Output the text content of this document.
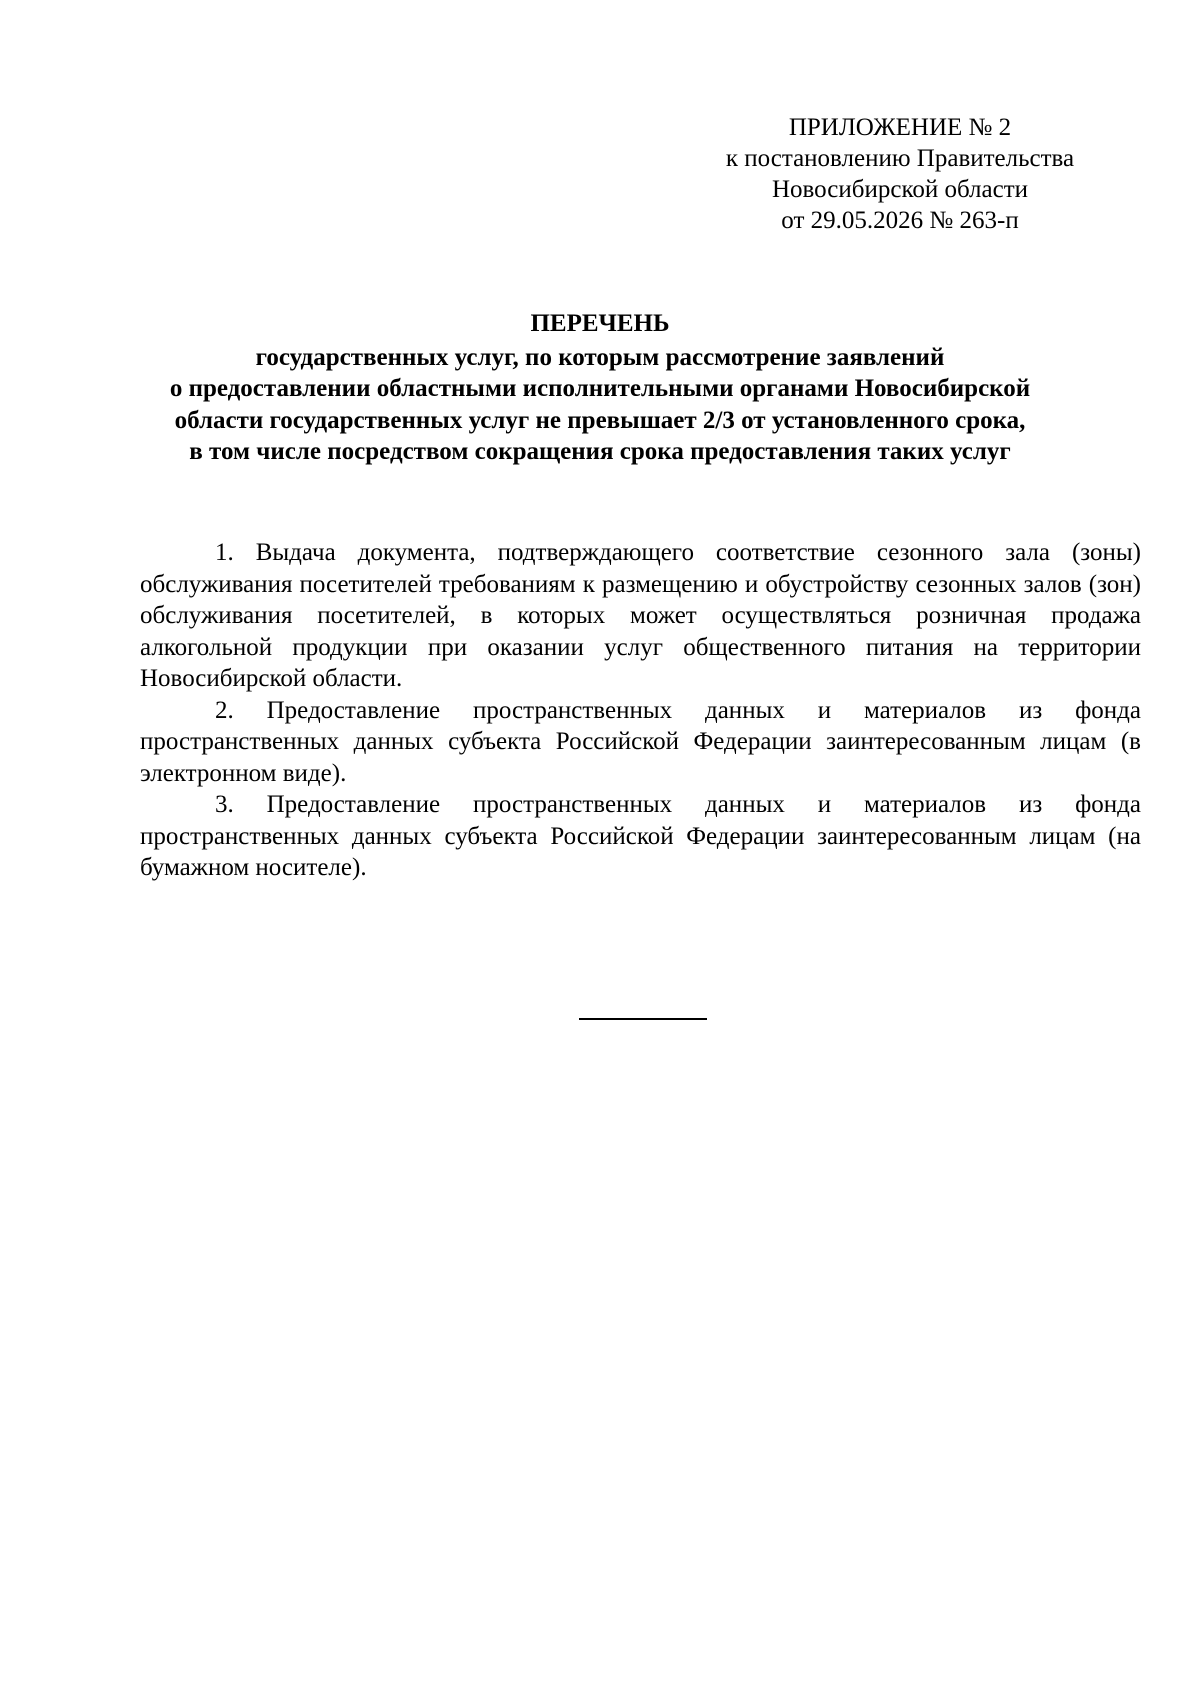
ПРИЛОЖЕНИЕ № 2
к постановлению Правительства
Новосибирской области
от 29.05.2026 № 263-п
ПЕРЕЧЕНЬ
государственных услуг, по которым рассмотрение заявлений
о предоставлении областными исполнительными органами Новосибирской
области государственных услуг не превышает 2/3 от установленного срока,
в том числе посредством сокращения срока предоставления таких услуг

1. Выдача документа, подтверждающего соответствие сезонного зала (зоны) обслуживания посетителей требованиям к размещению и обустройству сезонных залов (зон) обслуживания посетителей, в которых может осуществляться розничная продажа алкогольной продукции при оказании услуг общественного питания на территории Новосибирской области.

2. Предоставление пространственных данных и материалов из фонда пространственных данных субъекта Российской Федерации заинтересованным лицам (в электронном виде).

3. Предоставление пространственных данных и материалов из фонда пространственных данных субъекта Российской Федерации заинтересованным лицам (на бумажном носителе).
